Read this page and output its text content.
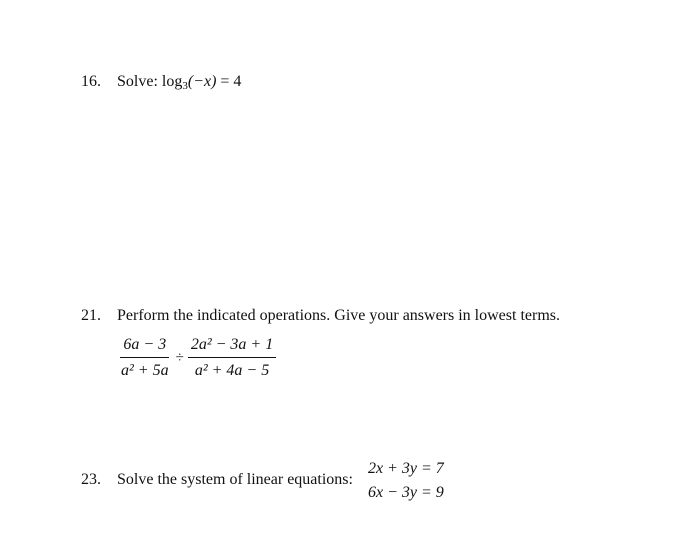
16. Solve: $\log_3(-x) = 4$
21. Perform the indicated operations. Give your answers in lowest terms.
$\frac{6a - 3}{\text{a² + 5a}} \div \frac{\text{2a² − 3a + 1}}{\text{a² + 4a − 5}}$
23. Solve the system of linear equations:
2x + 3y = 7
6x − 3y = 9
